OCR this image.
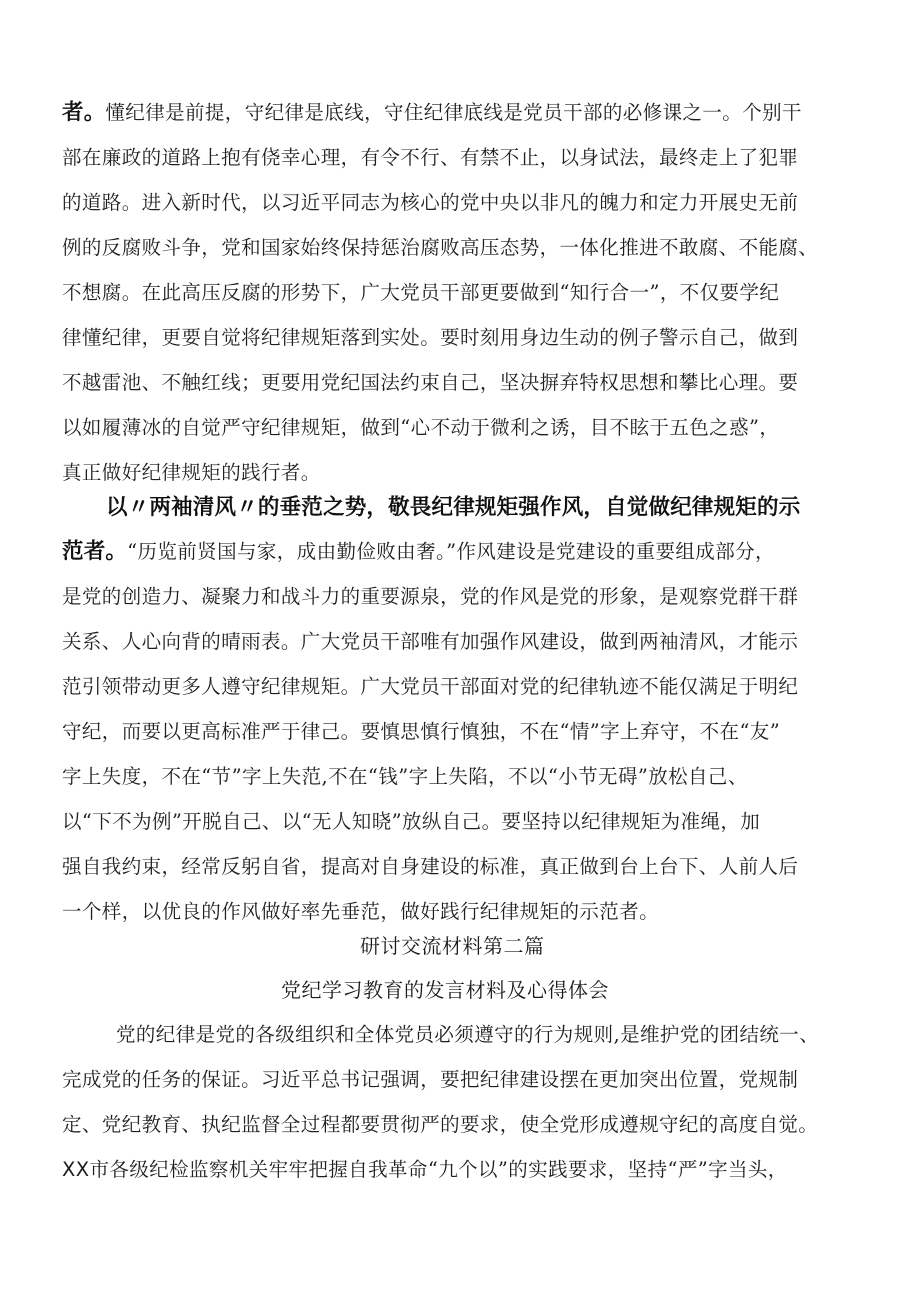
者。懂纪律是前提，守纪律是底线，守住纪律底线是党员干部的必修课之一。个别干
部在廉政的道路上抱有侥幸心理，有令不行、有禁不止，以身试法，最终走上了犯罪
的道路。进入新时代，以习近平同志为核心的党中央以非凡的魄力和定力开展史无前
例的反腐败斗争，党和国家始终保持惩治腐败高压态势，一体化推进不敢腐、不能腐、
不想腐。在此高压反腐的形势下，广大党员干部更要做到“知行合一”，不仅要学纪
律懂纪律，更要自觉将纪律规矩落到实处。要时刻用身边生动的例子警示自己，做到
不越雷池、不触红线；更要用党纪国法约束自己，坚决摒弃特权思想和攀比心理。要
以如履薄冰的自觉严守纪律规矩，做到“心不动于微利之诱，目不眩于五色之惑”，
真正做好纪律规矩的践行者。
以〃两袖清风〃的垂范之势，敬畏纪律规矩强作风，自觉做纪律规矩的示
范者。“历览前贤国与家，成由勤俭败由奢。”作风建设是党建设的重要组成部分，
是党的创造力、凝聚力和战斗力的重要源泉，党的作风是党的形象，是观察党群干群
关系、人心向背的晴雨表。广大党员干部唯有加强作风建设，做到两袖清风，才能示
范引领带动更多人遵守纪律规矩。广大党员干部面对党的纪律轨迹不能仅满足于明纪
守纪，而要以更高标准严于律己。要慎思慎行慎独，不在“情”字上弃守，不在“友”
字上失度，不在“节”字上失范,不在“钱”字上失陷，不以“小节无碍”放松自己、
以“下不为例”开脱自己、以“无人知晓”放纵自己。要坚持以纪律规矩为准绳，加
强自我约束，经常反躬自省，提高对自身建设的标准，真正做到台上台下、人前人后
一个样，以优良的作风做好率先垂范，做好践行纪律规矩的示范者。
研讨交流材料第二篇
党纪学习教育的发言材料及心得体会
党的纪律是党的各级组织和全体党员必须遵守的行为规则,是维护党的团结统一、
完成党的任务的保证。习近平总书记强调，要把纪律建设摆在更加突出位置，党规制
定、党纪教育、执纪监督全过程都要贯彻严的要求，使全党形成遵规守纪的高度自觉。
XX市各级纪检监察机关牢牢把握自我革命“九个以”的实践要求，坚持“严”字当头，
